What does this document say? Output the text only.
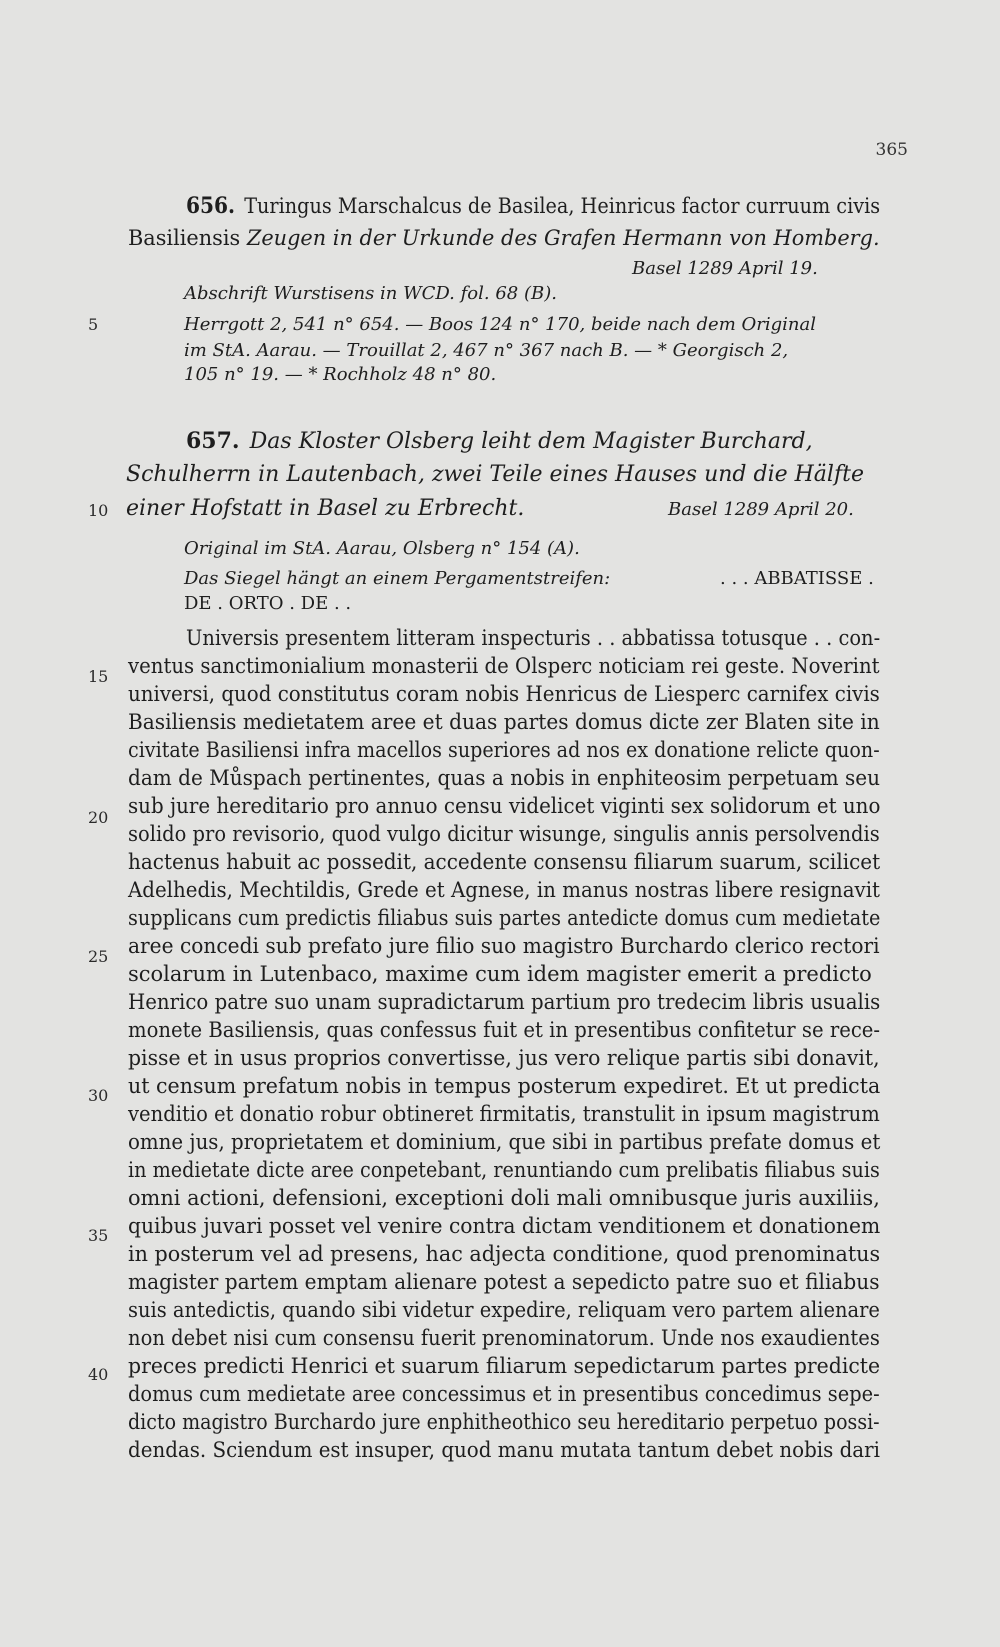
365
5
10
15
20
25
30
35
40
656. Turingus Marschalcus de Basilea, Heinricus factor curruum civis
Basiliensis Zeugen in der Urkunde des Grafen Hermann von Homberg.
Basel 1289 April 19.
Abschrift Wurstisens in WCD. fol. 68 (B).
Herrgott 2, 541 n° 654. — Boos 124 n° 170, beide nach dem Original
im StA. Aarau. — Trouillat 2, 467 n° 367 nach B. — * Georgisch 2,
105 n° 19. — * Rochholz 48 n° 80.
657. Das Kloster Olsberg leiht dem Magister Burchard,
Schulherrn in Lautenbach, zwei Teile eines Hauses und die Hälfte
einer Hofstatt in Basel zu Erbrecht.	Basel 1289 April 20.
Original im StA. Aarau, Olsberg n° 154 (A).
Das Siegel hängt an einem Pergamentstreifen:	. . . ABBATISSE .
DE . ORTO . DE . .
Universis presentem litteram inspecturis . . abbatissa totusque . . con-
ventus sanctimonialium monasterii de Olsperc noticiam rei geste. Noverint
universi, quod constitutus coram nobis Henricus de Liesperc carnifex civis
Basiliensis medietatem aree et duas partes domus dicte zer Blaten site in
civitate Basiliensi infra macellos superiores ad nos ex donatione relicte quon-
dam de Můspach pertinentes, quas a nobis in enphiteosim perpetuam seu
sub jure hereditario pro annuo censu videlicet viginti sex solidorum et uno
solido pro revisorio, quod vulgo dicitur wisunge, singulis annis persolvendis
hactenus habuit ac possedit, accedente consensu filiarum suarum, scilicet
Adelhedis, Mechtildis, Grede et Agnese, in manus nostras libere resignavit
supplicans cum predictis filiabus suis partes antedicte domus cum medietate
aree concedi sub prefato jure filio suo magistro Burchardo clerico rectori
scolarum in Lutenbaco, maxime cum idem magister emerit a predicto
Henrico patre suo unam supradictarum partium pro tredecim libris usualis
monete Basiliensis, quas confessus fuit et in presentibus confitetur se rece-
pisse et in usus proprios convertisse, jus vero relique partis sibi donavit,
ut censum prefatum nobis in tempus posterum expediret. Et ut predicta
venditio et donatio robur obtineret firmitatis, transtulit in ipsum magistrum
omne jus, proprietatem et dominium, que sibi in partibus prefate domus et
in medietate dicte aree conpetebant, renuntiando cum prelibatis filiabus suis
omni actioni, defensioni, exceptioni doli mali omnibusque juris auxiliis,
quibus juvari posset vel venire contra dictam venditionem et donationem
in posterum vel ad presens, hac adjecta conditione, quod prenominatus
magister partem emptam alienare potest a sepedicto patre suo et filiabus
suis antedictis, quando sibi videtur expedire, reliquam vero partem alienare
non debet nisi cum consensu fuerit prenominatorum. Unde nos exaudientes
preces predicti Henrici et suarum filiarum sepedictarum partes predicte
domus cum medietate aree concessimus et in presentibus concedimus sepe-
dicto magistro Burchardo jure enphitheothico seu hereditario perpetuo possi-
dendas. Sciendum est insuper, quod manu mutata tantum debet nobis dari
